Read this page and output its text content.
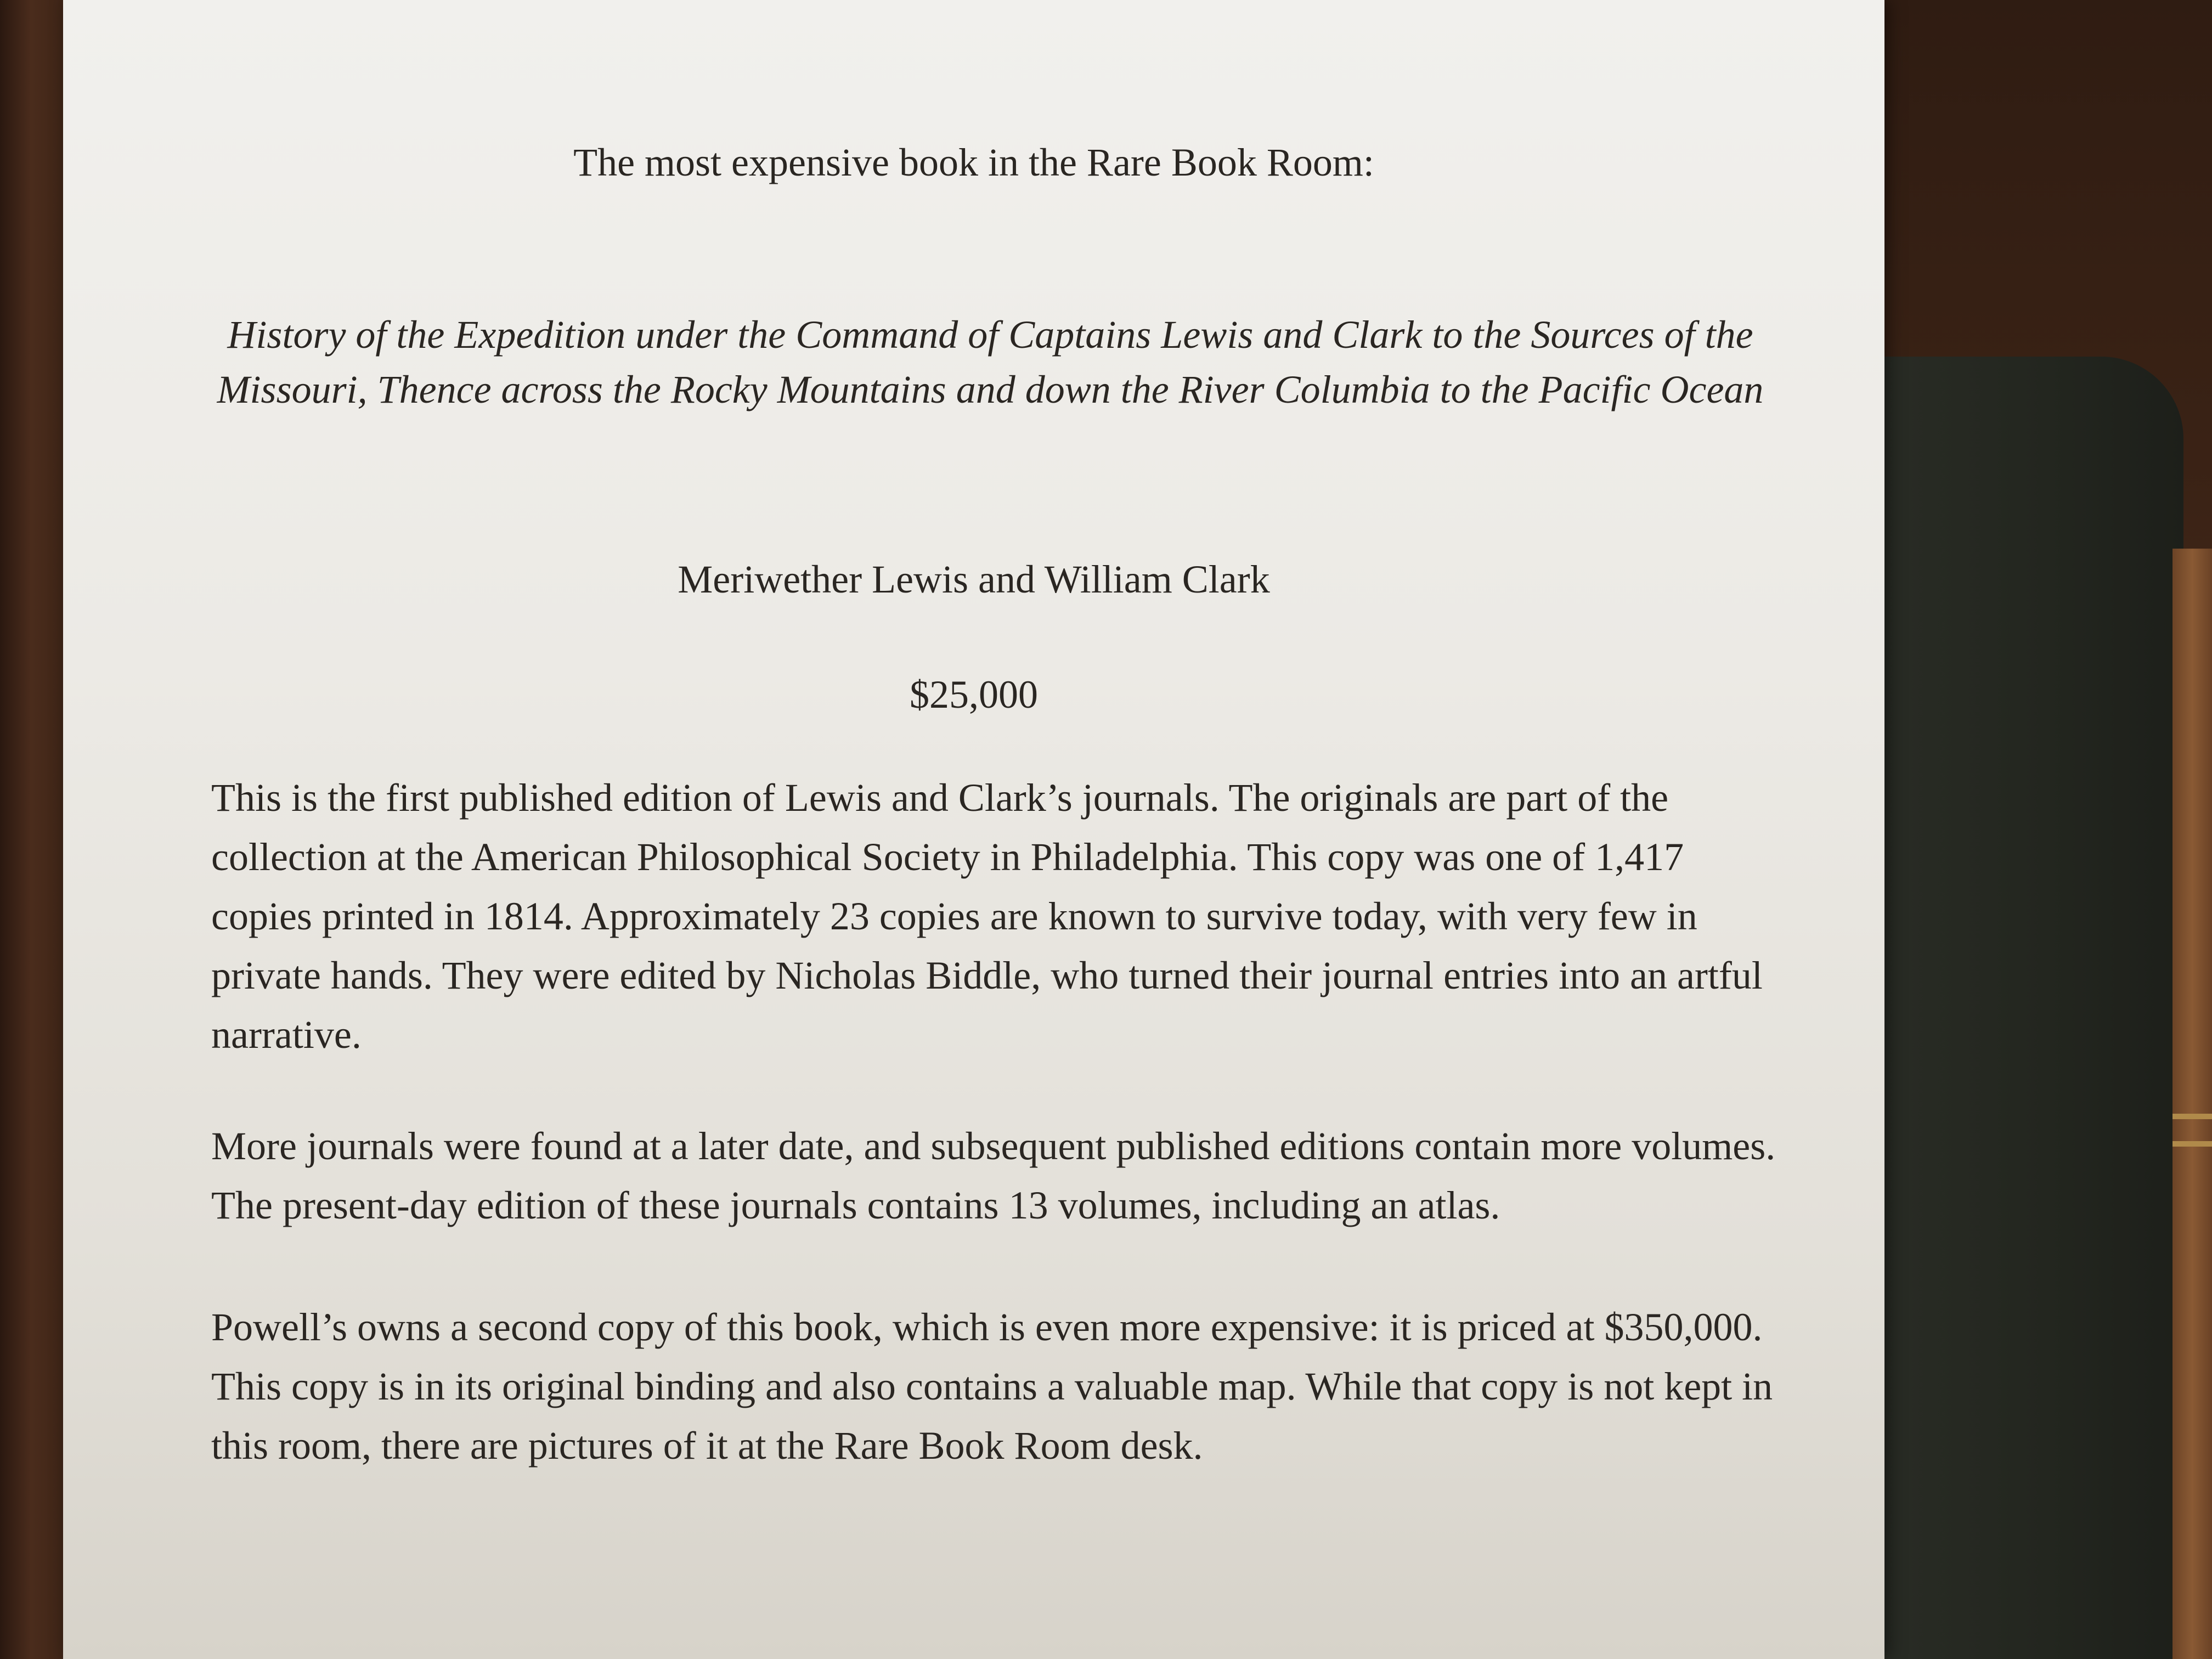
The most expensive book in the Rare Book Room:
History of the Expedition under the Command of Captains Lewis and Clark to the Sources of the Missouri, Thence across the Rocky Mountains and down the River Columbia to the Pacific Ocean
Meriwether Lewis and William Clark
$25,000
This is the first published edition of Lewis and Clark’s journals. The originals are part of the collection at the American Philosophical Society in Philadelphia. This copy was one of 1,417 copies printed in 1814. Approximately 23 copies are known to survive today, with very few in private hands. They were edited by Nicholas Biddle, who turned their journal entries into an artful narrative.
More journals were found at a later date, and subsequent published editions contain more volumes. The present-day edition of these journals contains 13 volumes, including an atlas.
Powell’s owns a second copy of this book, which is even more expensive: it is priced at $350,000. This copy is in its original binding and also contains a valuable map. While that copy is not kept in this room, there are pictures of it at the Rare Book Room desk.
